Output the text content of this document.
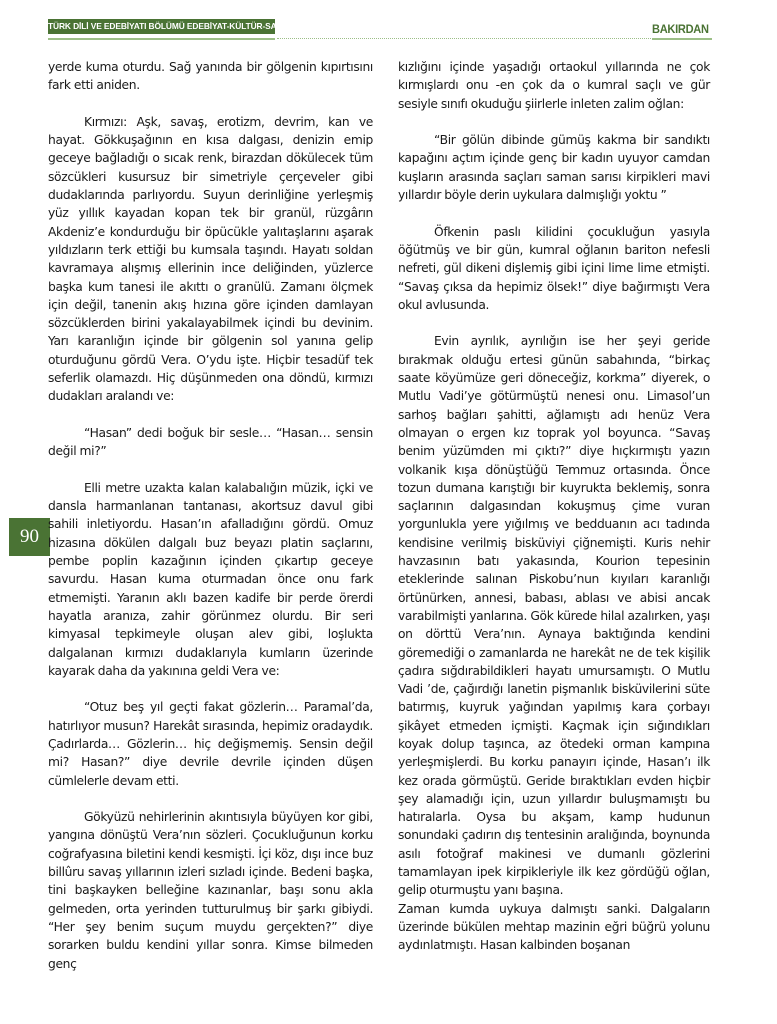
TÜRK DİLİ VE EDEBİYATI BÖLÜMÜ EDEBİYAT-KÜLTÜR-SANAT E-DERGİSİ SAYI IV	BAKIRDAN
90

yerde kuma oturdu. Sağ yanında bir gölgenin kıpırtısını fark etti aniden.

Kırmızı: Aşk, savaş, erotizm, devrim, kan ve hayat. Gökkuşağının en kısa dalgası, denizin emip geceye bağladığı o sıcak renk, birazdan dökülecek tüm sözcükleri kusursuz bir simetriyle çerçeveler gibi dudaklarında parlıyordu. Suyun derinliğine yerleşmiş yüz yıllık kayadan kopan tek bir granül, rüzgârın Akdeniz’e kondurduğu bir öpücükle yalıtaşlarını aşarak yıldızların terk ettiği bu kumsala taşındı. Hayatı soldan kavramaya alışmış ellerinin ince deliğinden, yüzlerce başka kum tanesi ile akıttı o granülü. Zamanı ölçmek için değil, tanenin akış hızına göre içinden damlayan sözcüklerden birini yakalayabilmek içindi bu devinim. Yarı karanlığın içinde bir gölgenin sol yanına gelip oturduğunu gördü Vera. O’ydu işte. Hiçbir tesadüf tek seferlik olamazdı. Hiç düşünmeden ona döndü, kırmızı dudakları aralandı ve:

“Hasan” dedi boğuk bir sesle… “Hasan… sensin değil mi?”

Elli metre uzakta kalan kalabalığın müzik, içki ve dansla harmanlanan tantanası, akortsuz davul gibi sahili inletiyordu. Hasan’ın afalladığını gördü. Omuz hizasına dökülen dalgalı buz beyazı platin saçlarını, pembe poplin kazağının içinden çıkartıp geceye savurdu. Hasan kuma oturmadan önce onu fark etmemişti. Yaranın aklı bazen kadife bir perde örerdi hayatla aranıza, zahir görünmez olurdu. Bir seri kimyasal tepkimeyle oluşan alev gibi, loşlukta dalgalanan kırmızı dudaklarıyla kumların üzerinde kayarak daha da yakınına geldi Vera ve:

“Otuz beş yıl geçti fakat gözlerin… Paramal’da, hatırlıyor musun? Harekât sırasında, hepimiz oradaydık. Çadırlarda… Gözlerin… hiç değişmemiş. Sensin değil mi? Hasan?” diye devrile devrile içinden düşen cümlelerle devam etti.

Gökyüzü nehirlerinin akıntısıyla büyüyen kor gibi, yangına dönüştü Vera’nın sözleri. Çocukluğunun korku coğrafyasına biletini kendi kesmişti. İçi köz, dışı ince buz billûru savaş yıllarının izleri sızladı içinde. Bedeni başka, tini başkayken belleğine kazınanlar, başı sonu akla gelmeden, orta yerinden tutturulmuş bir şarkı gibiydi. “Her şey benim suçum muydu gerçekten?” diye sorarken buldu kendini yıllar sonra. Kimse bilmeden genç

kızlığını içinde yaşadığı ortaokul yıllarında ne çok kırmışlardı onu -en çok da o kumral saçlı ve gür sesiyle sınıfı okuduğu şiirlerle inleten zalim oğlan:

“Bir gölün dibinde gümüş kakma bir sandıktı kapağını açtım içinde genç bir kadın uyuyor camdan kuşların arasında saçları saman sarısı kirpikleri mavi yıllardır böyle derin uykulara dalmışlığı yoktu ”

Öfkenin paslı kilidini çocukluğun yasıyla öğütmüş ve bir gün, kumral oğlanın bariton nefesli nefreti, gül dikeni dişlemiş gibi içini lime lime etmişti. “Savaş çıksa da hepimiz ölsek!” diye bağırmıştı Vera okul avlusunda.

Evin ayrılık, ayrılığın ise her şeyi geride bırakmak olduğu ertesi günün sabahında, “birkaç saate köyümüze geri döneceğiz, korkma” diyerek, o Mutlu Vadi’ye götürmüştü nenesi onu. Limasol’un sarhoş bağları şahitti, ağlamıştı adı henüz Vera olmayan o ergen kız toprak yol boyunca. “Savaş benim yüzümden mi çıktı?” diye hıçkırmıştı yazın volkanik kışa dönüştüğü Temmuz ortasında. Önce tozun dumana karıştığı bir kuyrukta beklemiş, sonra saçlarının dalgasından kokuşmuş çime vuran yorgunlukla yere yığılmış ve bedduanın acı tadında kendisine verilmiş bisküviyi çiğnemişti. Kuris nehir havzasının batı yakasında, Kourion tepesinin eteklerinde salınan Piskobu’nun kıyıları karanlığı örtünürken, annesi, babası, ablası ve abisi ancak varabilmişti yanlarına. Gök kürede hilal azalırken, yaşı on dörttü Vera’nın. Aynaya baktığında kendini göremediği o zamanlarda ne harekât ne de tek kişilik çadıra sığdırabildikleri hayatı umursamıştı. O Mutlu Vadi ’de, çağırdığı lanetin pişmanlık bisküvilerini süte batırmış, kuyruk yağından yapılmış kara çorbayı şikâyet etmeden içmişti. Kaçmak için sığındıkları koyak dolup taşınca, az ötedeki orman kampına yerleşmişlerdi. Bu korku panayırı içinde, Hasan’ı ilk kez orada görmüştü. Geride bıraktıkları evden hiçbir şey alamadığı için, uzun yıllardır buluşmamıştı bu hatıralarla. Oysa bu akşam, kamp hudunun sonundaki çadırın dış tentesinin aralığında, boynunda asılı fotoğraf makinesi ve dumanlı gözlerini tamamlayan ipek kirpikleriyle ilk kez gördüğü oğlan, gelip oturmuştu yanı başına.

Zaman kumda uykuya dalmıştı sanki. Dalgaların üzerinde bükülen mehtap mazinin eğri büğrü yolunu aydınlatmıştı. Hasan kalbinden boşanan
